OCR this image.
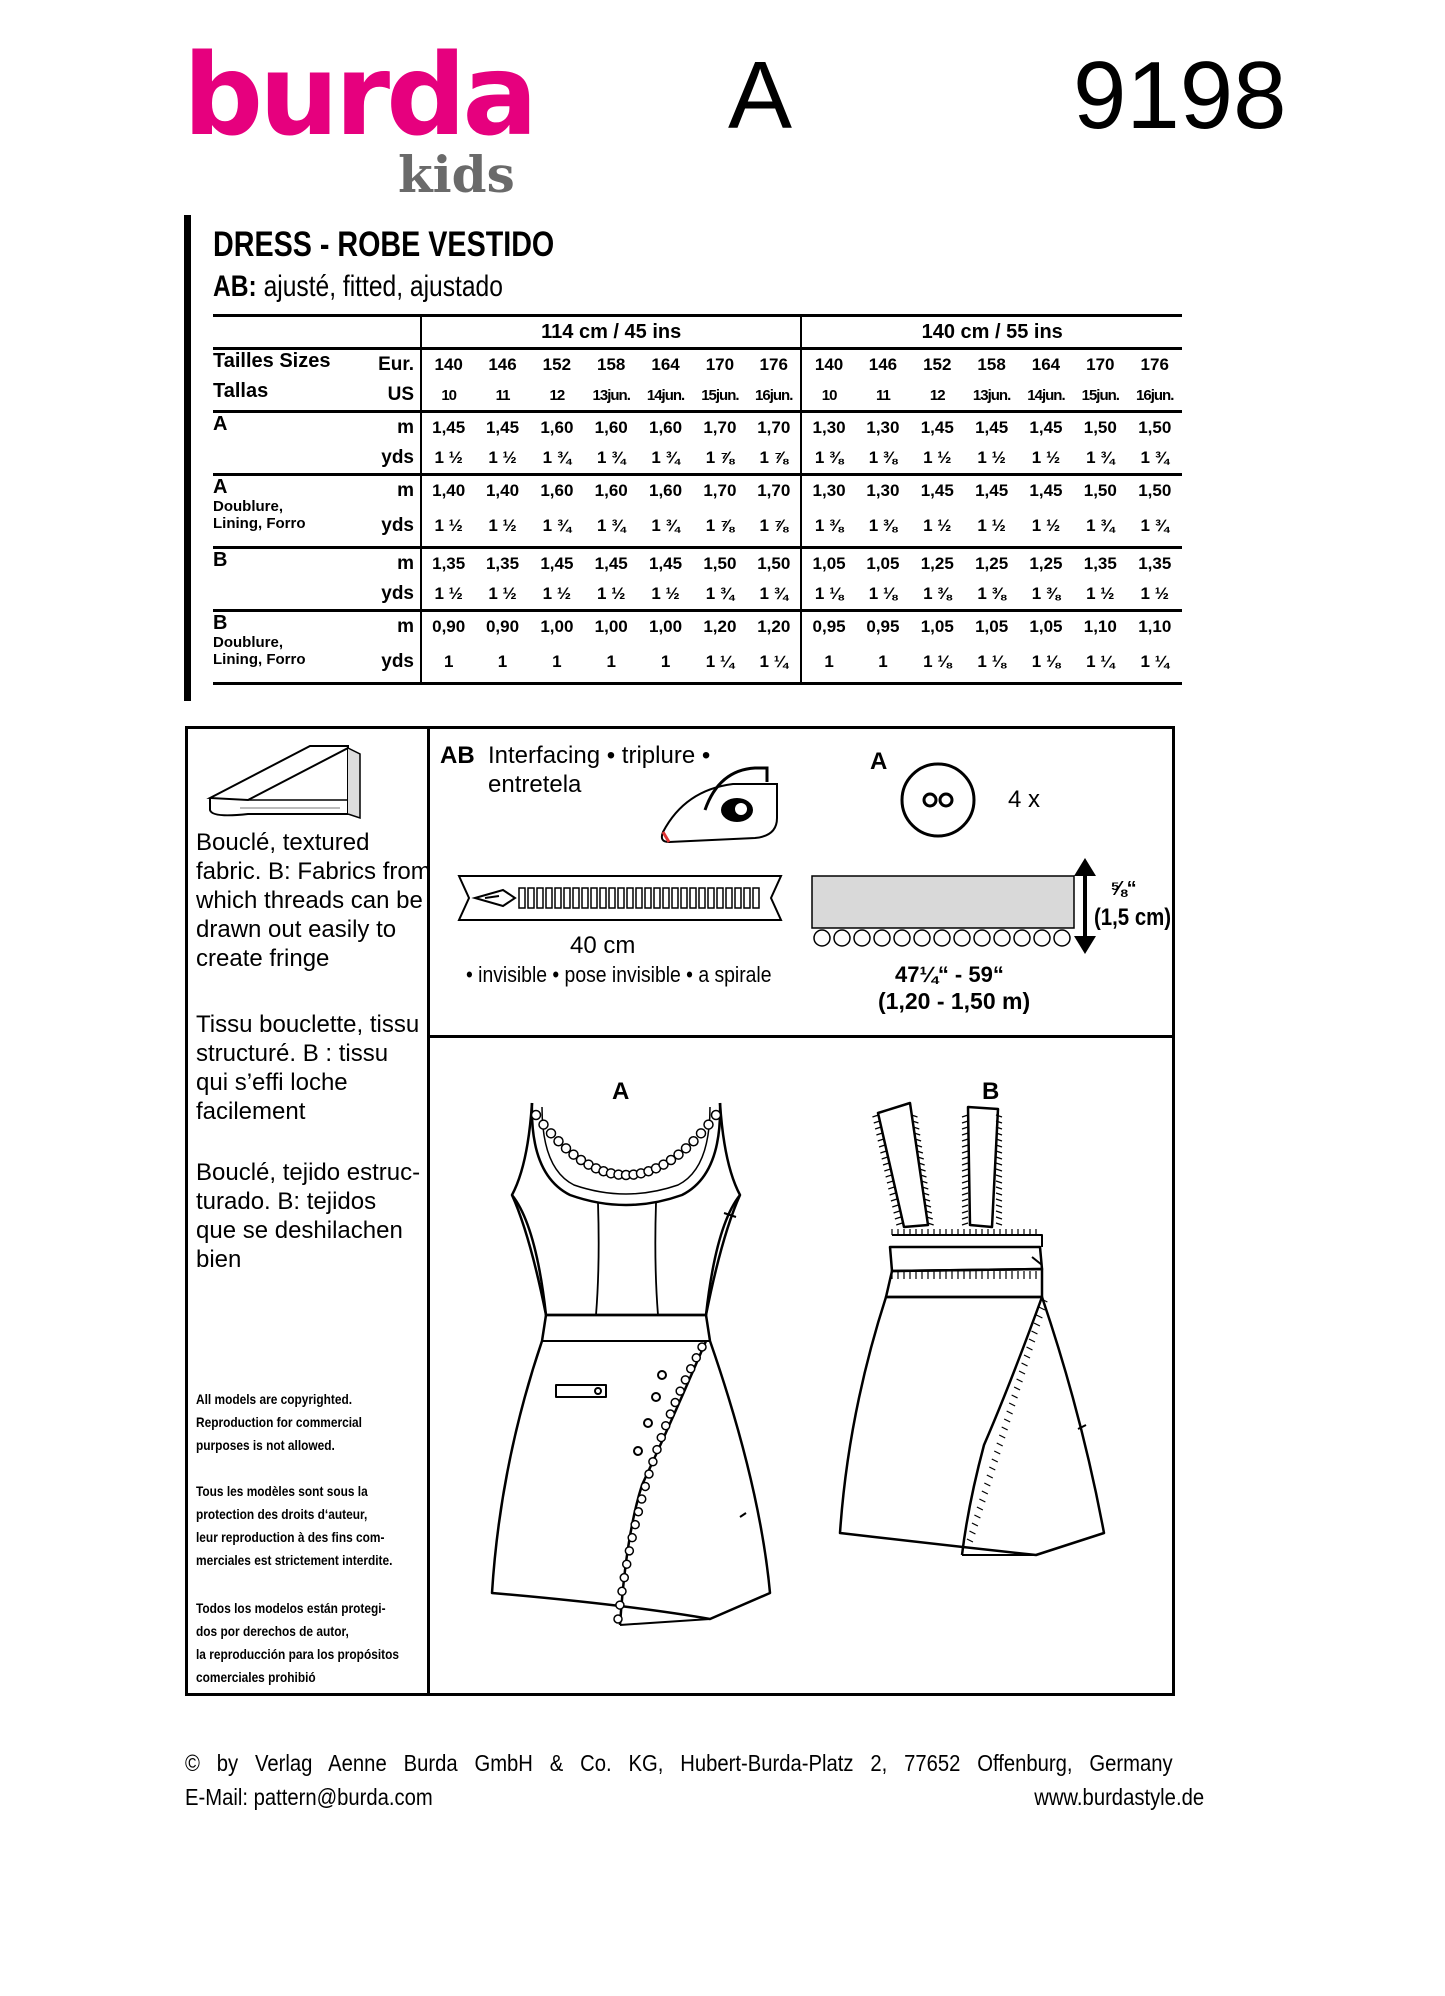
burda
kids
A	9198
DRESS - ROBE VESTIDO
AB: ajusté, fitted, ajustado
		114 cm / 45 ins							140 cm / 55 ins						
Tailles Sizes	Eur.	140	146	152	158	164	170	176	140	146	152	158	164	170	176
Tallas	US	10	11	12	13jun.	14jun.	15jun.	16jun.	10	11	12	13jun.	14jun.	15jun.	16jun.

A	m	1,45	1,45	1,60	1,60	1,60	1,70	1,70	1,30	1,30	1,45	1,45	1,45	1,50	1,50
	yds	1 ½	1 ½	1 ¾	1 ¾	1 ¾	1 ⅞	1 ⅞	1 ⅜	1 ⅜	1 ½	1 ½	1 ½	1 ¾	1 ¾

A
Doublure, Lining, Forro	m	1,40	1,40	1,60	1,60	1,60	1,70	1,70	1,30	1,30	1,45	1,45	1,45	1,50	1,50
	yds	1 ½	1 ½	1 ¾	1 ¾	1 ¾	1 ⅞	1 ⅞	1 ⅜	1 ⅜	1 ½	1 ½	1 ½	1 ¾	1 ¾

B	m	1,35	1,35	1,45	1,45	1,45	1,50	1,50	1,05	1,05	1,25	1,25	1,25	1,35	1,35
	yds	1 ½	1 ½	1 ½	1 ½	1 ½	1 ¾	1 ¾	1 ⅛	1 ⅛	1 ⅜	1 ⅜	1 ⅜	1 ½	1 ½

B
Doublure, Lining, Forro	m	0,90	0,90	1,00	1,00	1,00	1,20	1,20	0,95	0,95	1,05	1,05	1,05	1,10	1,10
	yds	1	1	1	1	1	1 ¼	1 ¼	1	1	1 ⅛	1 ⅛	1 ⅛	1 ¼	1 ¼

Bouclé, textured fabric. B: Fabrics from which threads can be drawn out easily to create fringe
Tissu bouclette, tissu structuré. B : tissu qui s’effi loche facilement
Bouclé, tejido estruc-turado. B: tejidos que se deshilachen bien
All models are copyrighted.
Reproduction for commercial
purposes is not allowed.
Tous les modèles sont sous la
protection des droits d‘auteur,
leur reproduction à des fins com-
merciales est strictement interdite.
Todos los modelos están protegi-
dos por derechos de autor,
la reproducción para los propósitos
comerciales prohibió
AB Interfacing • triplure •
entretela
40 cm
• invisible • pose invisible • a spirale
A
4 x
⅝“
(1,5 cm)
47¼“ - 59“
(1,20 - 1,50 m)
A	B
©   by   Verlag   Aenne   Burda   GmbH   &   Co.   KG,   Hubert-Burda-Platz   2,   77652   Offenburg,   Germany
E-Mail: pattern@burda.com	www.burdastyle.de
